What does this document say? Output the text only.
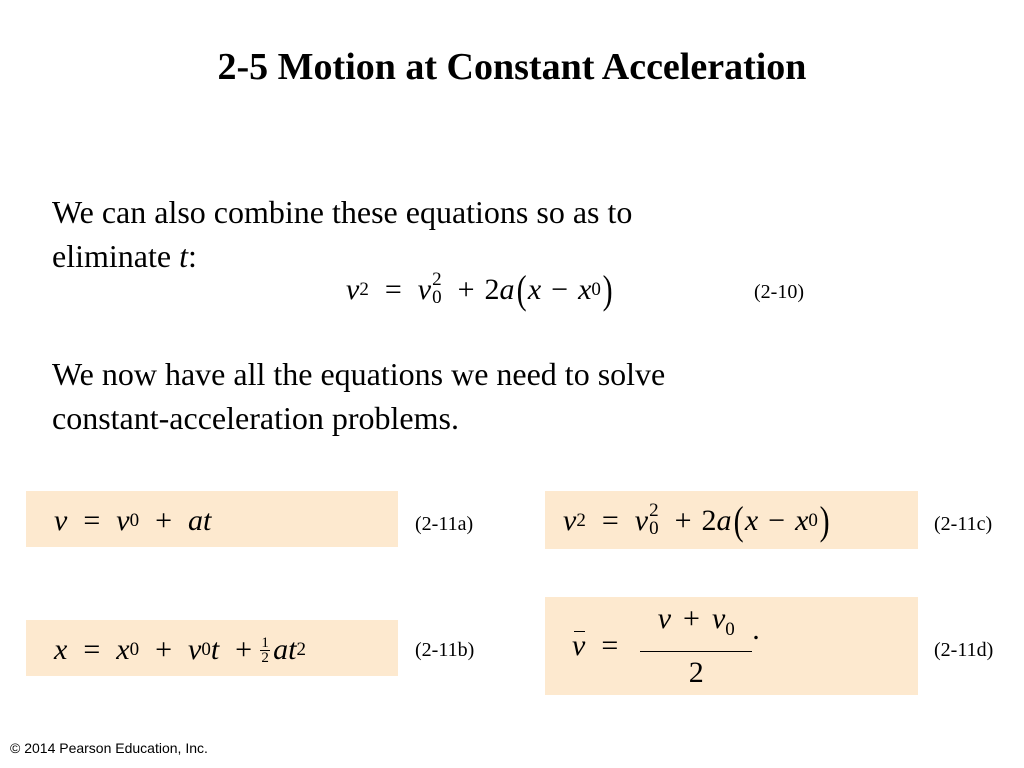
2-5 Motion at Constant Acceleration
We can also combine these equations so as to
eliminate t:
v 2 = v 2
0 +
2 a ( x − x 0 )	(2-10)
We now have all the equations we need to solve
constant-acceleration problems.
v = v 0 + at	(2-11a)
x = x 0 + v 0 $t + \frac{1}{2}$ at 2	(2-11b)
v 2 = v 2
0 +
2 a ( x − x 0 )	(2-11c)
$v = \frac{v + v_0}{2}$ .
(2-11d)
© 2014 Pearson Education, Inc.
